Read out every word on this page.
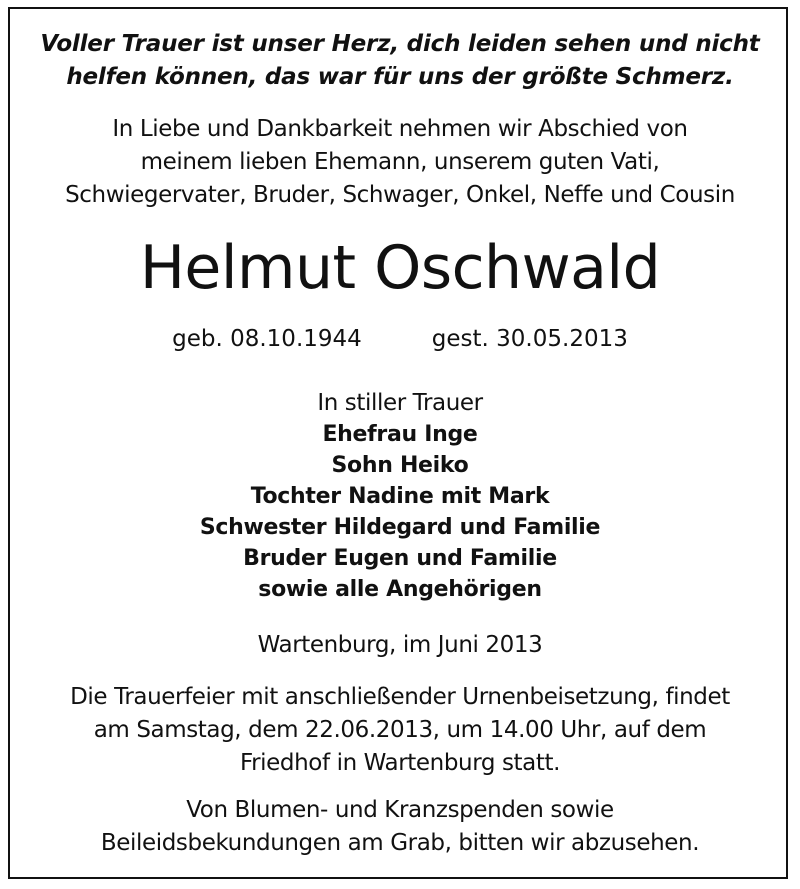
Voller Trauer ist unser Herz, dich leiden sehen und nicht
helfen können, das war für uns der größte Schmerz.
In Liebe und Dankbarkeit nehmen wir Abschied von
meinem lieben Ehemann, unserem guten Vati,
Schwiegervater, Bruder, Schwager, Onkel, Neffe und Cousin
Helmut Oschwald
geb. 08.10.1944	gest. 30.05.2013
In stiller Trauer
Ehefrau Inge
Sohn Heiko
Tochter Nadine mit Mark
Schwester Hildegard und Familie
Bruder Eugen und Familie
sowie alle Angehörigen
Wartenburg, im Juni 2013
Die Trauerfeier mit anschließender Urnenbeisetzung, findet
am Samstag, dem 22.06.2013, um 14.00 Uhr, auf dem
Friedhof in Wartenburg statt.
Von Blumen- und Kranzspenden sowie
Beileidsbekundungen am Grab, bitten wir abzusehen.
